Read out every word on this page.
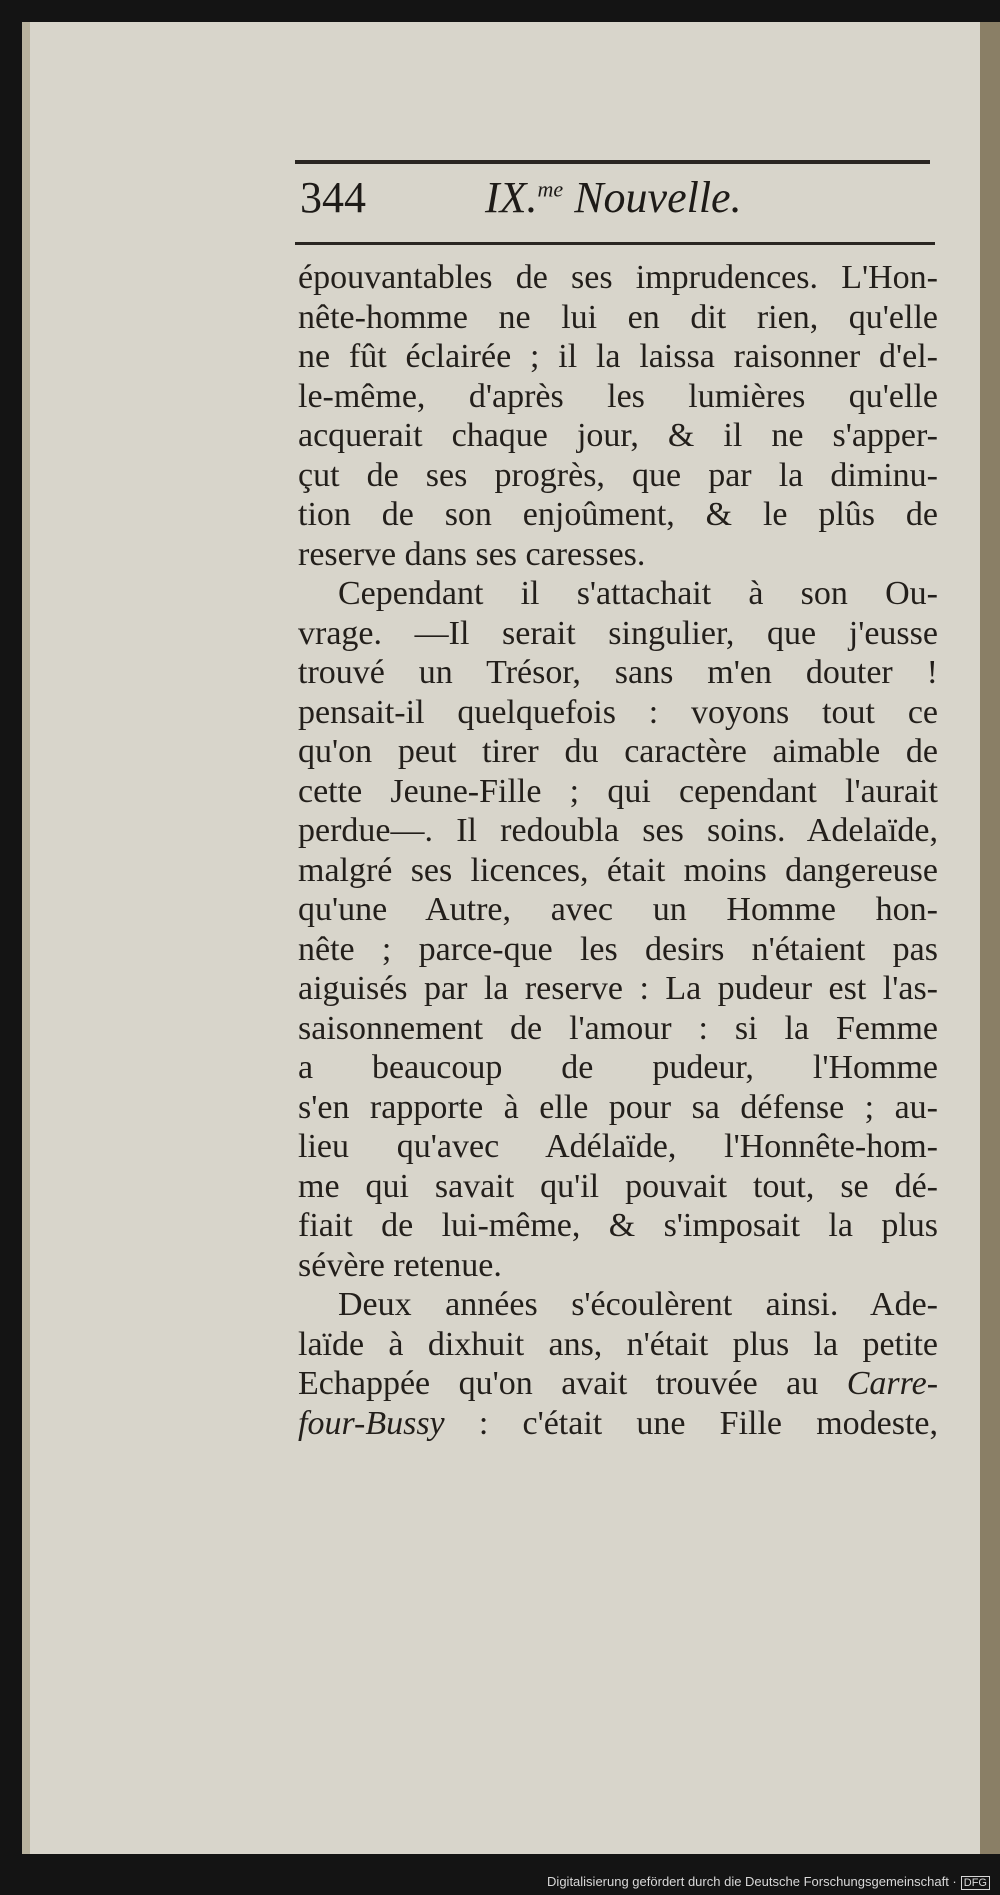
344	IX.$^{me}$ Nouvelle.
épouvantables de ses imprudences. L'Hon-
nête-homme ne lui en dit rien, qu'elle
ne fût éclairée ; il la laissa raisonner d'el-
le-même, d'après les lumières qu'elle
acquerait chaque jour, & il ne s'apper-
çut de ses progrès, que par la diminu-
tion de son enjoûment, & le plûs de
reserve dans ses caresses.
Cependant il s'attachait à son Ou-
vrage. —Il serait singulier, que j'eusse
trouvé un Trésor, sans m'en douter !
pensait-il quelquefois : voyons tout ce
qu'on peut tirer du caractère aimable de
cette Jeune-Fille ; qui cependant l'aurait
perdue—. Il redoubla ses soins. Adelaïde,
malgré ses licences, était moins dangereuse
qu'une Autre, avec un Homme hon-
nête ; parce-que les desirs n'étaient pas
aiguisés par la reserve : La pudeur est l'as-
saisonnement de l'amour : si la Femme
a beaucoup de pudeur, l'Homme
s'en rapporte à elle pour sa défense ; au-
lieu qu'avec Adélaïde, l'Honnête-hom-
me qui savait qu'il pouvait tout, se dé-
fiait de lui-même, & s'imposait la plus
sévère retenue.
Deux années s'écoulèrent ainsi. Ade-
laïde à dixhuit ans, n'était plus la petite
Echappée qu'on avait trouvée au Carre-
four-Bussy : c'était une Fille modeste,
Digitalisierung gefördert durch die Deutsche Forschungsgemeinschaft · DFG
